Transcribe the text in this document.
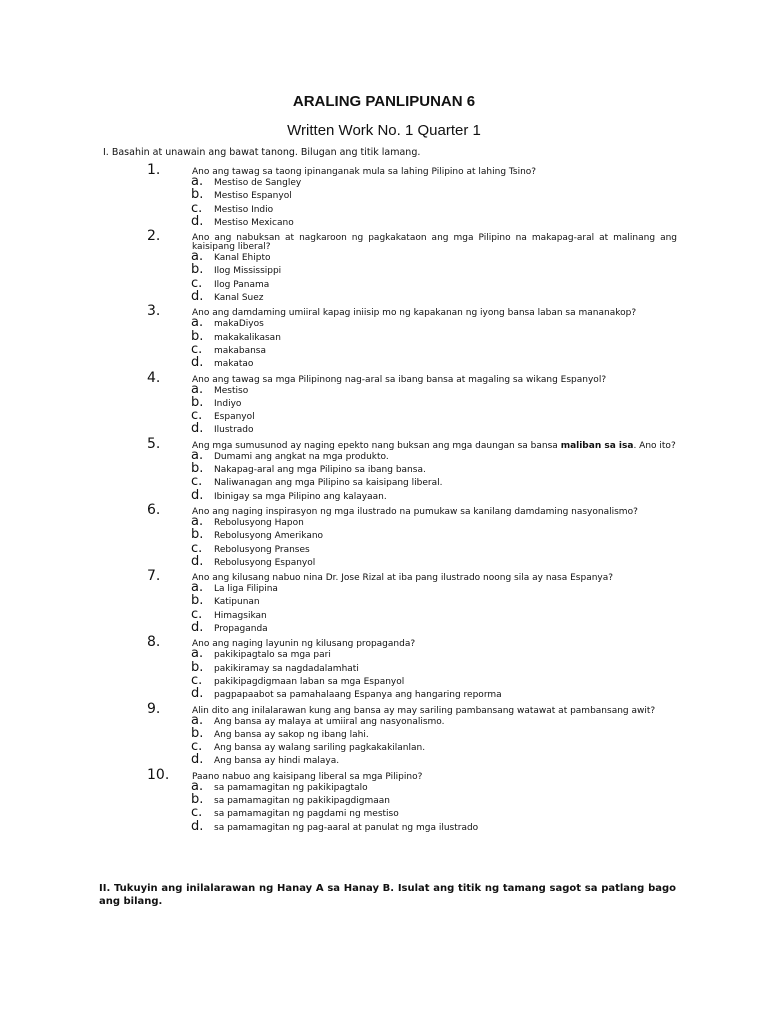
ARALING PANLIPUNAN 6
Written Work No. 1 Quarter 1
I. Basahin at unawain ang bawat tanong. Bilugan ang titik lamang.
1.	Ano ang tawag sa taong ipinanganak mula sa lahing Pilipino at lahing Tsino?
a. Mestiso de Sangley
b. Mestiso Espanyol
c. Mestiso Indio
d. Mestiso Mexicano
2.	Ano ang nabuksan at nagkaroon ng pagkakataon ang mga Pilipino na makapag-aral at malinang ang kaisipang liberal?
a. Kanal Ehipto
b. Ilog Mississippi
c. Ilog Panama
d. Kanal Suez
3.	Ano ang damdaming umiiral kapag iniisip mo ng kapakanan ng iyong bansa laban sa mananakop?
a. makaDiyos
b. makakalikasan
c. makabansa
d. makatao
4.	Ano ang tawag sa mga Pilipinong nag-aral sa ibang bansa at magaling sa wikang Espanyol?
a. Mestiso
b. Indiyo
c. Espanyol
d. Ilustrado
5.	Ang mga sumusunod ay naging epekto nang buksan ang mga daungan sa bansa maliban sa isa. Ano ito?
a. Dumami ang angkat na mga produkto.
b. Nakapag-aral ang mga Pilipino sa ibang bansa.
c. Naliwanagan ang mga Pilipino sa kaisipang liberal.
d. Ibinigay sa mga Pilipino ang kalayaan.
6.	Ano ang naging inspirasyon ng mga ilustrado na pumukaw sa kanilang damdaming nasyonalismo?
a. Rebolusyong Hapon
b. Rebolusyong Amerikano
c. Rebolusyong Pranses
d. Rebolusyong Espanyol
7.	Ano ang kilusang nabuo nina Dr. Jose Rizal at iba pang ilustrado noong sila ay nasa Espanya?
a. La liga Filipina
b. Katipunan
c. Himagsikan
d. Propaganda
8.	Ano ang naging layunin ng kilusang propaganda?
a. pakikipagtalo sa mga pari
b. pakikiramay sa nagdadalamhati
c. pakikipagdigmaan laban sa mga Espanyol
d. pagpapaabot sa pamahalaang Espanya ang hangaring reporma
9.	Alin dito ang inilalarawan kung ang bansa ay may sariling pambansang watawat at pambansang awit?
a. Ang bansa ay malaya at umiiral ang nasyonalismo.
b. Ang bansa ay sakop ng ibang lahi.
c. Ang bansa ay walang sariling pagkakakilanlan.
d. Ang bansa ay hindi malaya.
10.	Paano nabuo ang kaisipang liberal sa mga Pilipino?
a. sa pamamagitan ng pakikipagtalo
b. sa pamamagitan ng pakikipagdigmaan
c. sa pamamagitan ng pagdami ng mestiso
d. sa pamamagitan ng pag-aaral at panulat ng mga ilustrado
II. Tukuyin ang inilalarawan ng Hanay A sa Hanay B. Isulat ang titik ng tamang sagot sa patlang bago ang bilang.
